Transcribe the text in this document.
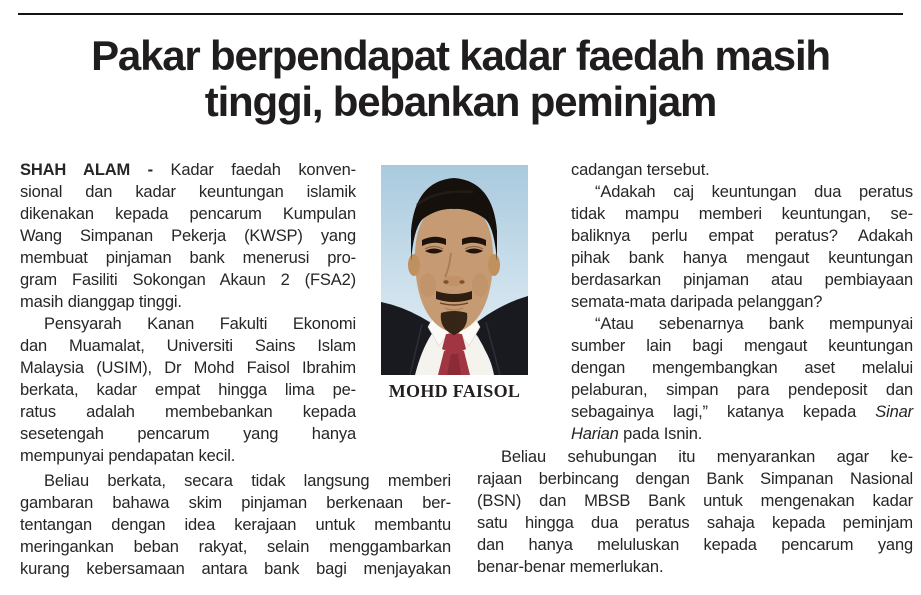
Pakar berpendapat kadar faedah masih
tinggi, bebankan peminjam
SHAH ALAM - Kadar faedah konven-
sional dan kadar keuntungan islamik
dikenakan kepada pencarum Kumpulan
Wang Simpanan Pekerja (KWSP) yang
membuat pinjaman bank menerusi pro-
gram Fasiliti Sokongan Akaun 2 (FSA2)
masih dianggap tinggi.
Pensyarah Kanan Fakulti Ekonomi
dan Muamalat, Universiti Sains Islam
Malaysia (USIM), Dr Mohd Faisol Ibrahim
berkata, kadar empat hingga lima pe-
ratus adalah membebankan kepada
sesetengah pencarum yang hanya
mempunyai pendapatan kecil.
Beliau berkata, secara tidak langsung memberi
gambaran bahawa skim pinjaman berkenaan ber-
tentangan dengan idea kerajaan untuk membantu
meringankan beban rakyat, selain menggambarkan
kurang kebersamaan antara bank bagi menjayakan
cadangan tersebut.
“Adakah caj keuntungan dua peratus
tidak mampu memberi keuntungan, se-
baliknya perlu empat peratus? Adakah
pihak bank hanya mengaut keuntungan
berdasarkan pinjaman atau pembiayaan
semata-mata daripada pelanggan?
“Atau sebenarnya bank mempunyai
sumber lain bagi mengaut keuntungan
dengan mengembangkan aset melalui
pelaburan, simpan para pendeposit dan
sebagainya lagi,” katanya kepada Sinar
Harian pada Isnin.
Beliau sehubungan itu menyarankan agar ke-
rajaan berbincang dengan Bank Simpanan Nasional
(BSN) dan MBSB Bank untuk mengenakan kadar
satu hingga dua peratus sahaja kepada peminjam
dan hanya meluluskan kepada pencarum yang
benar-benar memerlukan.
MOHD FAISOL
